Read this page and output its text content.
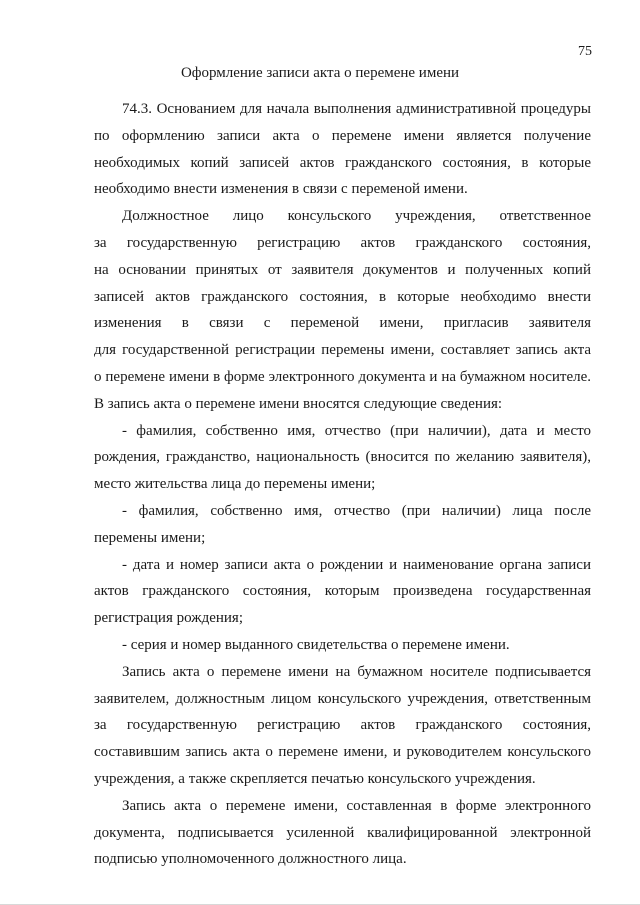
75
Оформление записи акта о перемене имени
74.3. Основанием для начала выполнения административной процедуры
по оформлению записи акта о перемене имени является получение
необходимых копий записей актов гражданского состояния, в которые
необходимо внести изменения в связи с переменой имени.
Должностное лицо консульского учреждения, ответственное
за государственную регистрацию актов гражданского состояния,
на основании принятых от заявителя документов и полученных копий
записей актов гражданского состояния, в которые необходимо внести
изменения в связи с переменой имени, пригласив заявителя
для государственной регистрации перемены имени, составляет запись акта
о перемене имени в форме электронного документа и на бумажном носителе.
В запись акта о перемене имени вносятся следующие сведения:
- фамилия, собственно имя, отчество (при наличии), дата и место
рождения, гражданство, национальность (вносится по желанию заявителя),
место жительства лица до перемены имени;
- фамилия, собственно имя, отчество (при наличии) лица после
перемены имени;
- дата и номер записи акта о рождении и наименование органа записи
актов гражданского состояния, которым произведена государственная
регистрация рождения;
- серия и номер выданного свидетельства о перемене имени.
Запись акта о перемене имени на бумажном носителе подписывается
заявителем, должностным лицом консульского учреждения, ответственным
за государственную регистрацию актов гражданского состояния,
составившим запись акта о перемене имени, и руководителем консульского
учреждения, а также скрепляется печатью консульского учреждения.
Запись акта о перемене имени, составленная в форме электронного
документа, подписывается усиленной квалифицированной электронной
подписью уполномоченного должностного лица.
